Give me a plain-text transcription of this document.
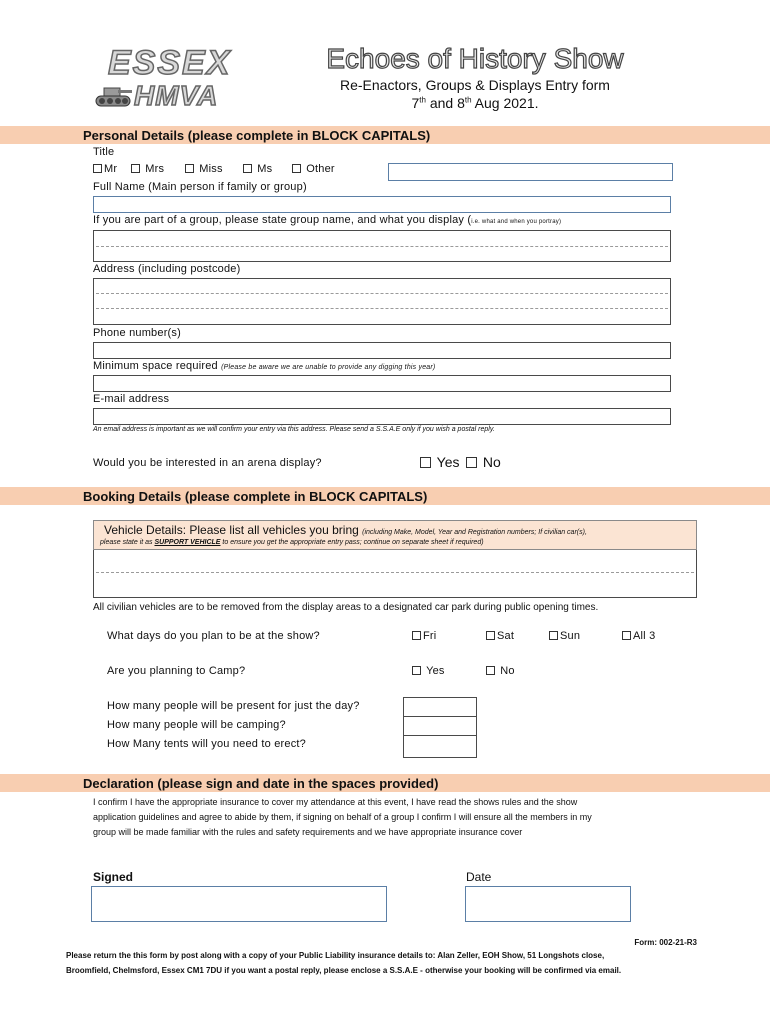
ESSEX
HMVA
Echoes of History Show
Re-Enactors, Groups & Displays Entry form
7th and 8th Aug 2021.
Personal Details (please complete in BLOCK CAPITALS)
Title
Mr	Mrs	Miss	Ms	Other
Full Name (Main person if family or group)
If you are part of a group, please state group name, and what you display (i.e. what and when you portray)
Address (including postcode)
Phone number(s)
Minimum space required (Please be aware we are unable to provide any digging this year)
E-mail address
An email address is important as we will confirm your entry via this address. Please send a S.S.A.E only if you wish a postal reply.
Would you be interested in an arena display?	Yes	No
Booking Details (please complete in BLOCK CAPITALS)
Vehicle Details: Please list all vehicles you bring (including Make, Model, Year and Registration numbers; If civilian car(s),
please state it as SUPPORT VEHICLE to ensure you get the appropriate entry pass; continue on separate sheet if required)
All civilian vehicles are to be removed from the display areas to a designated car park during public opening times.
What days do you plan to be at the show?	Fri	Sat	Sun	All 3
Are you planning to Camp?	Yes	No
How many people will be present for just the day?
How many people will be camping?
How Many tents will you need to erect?
Declaration (please sign and date in the spaces provided)
I confirm I have the appropriate insurance to cover my attendance at this event, I have read the shows rules and the show
application guidelines and agree to abide by them, if signing on behalf of a group I confirm I will ensure all the members in my
group will be made familiar with the rules and safety requirements and we have appropriate insurance cover
Signed	Date
Form: 002-21-R3
Please return the this form by post along with a copy of your Public Liability insurance details to: Alan Zeller, EOH Show, 51 Longshots close,
Broomfield, Chelmsford, Essex CM1 7DU if you want a postal reply, please enclose a S.S.A.E - otherwise your booking will be confirmed via email.
